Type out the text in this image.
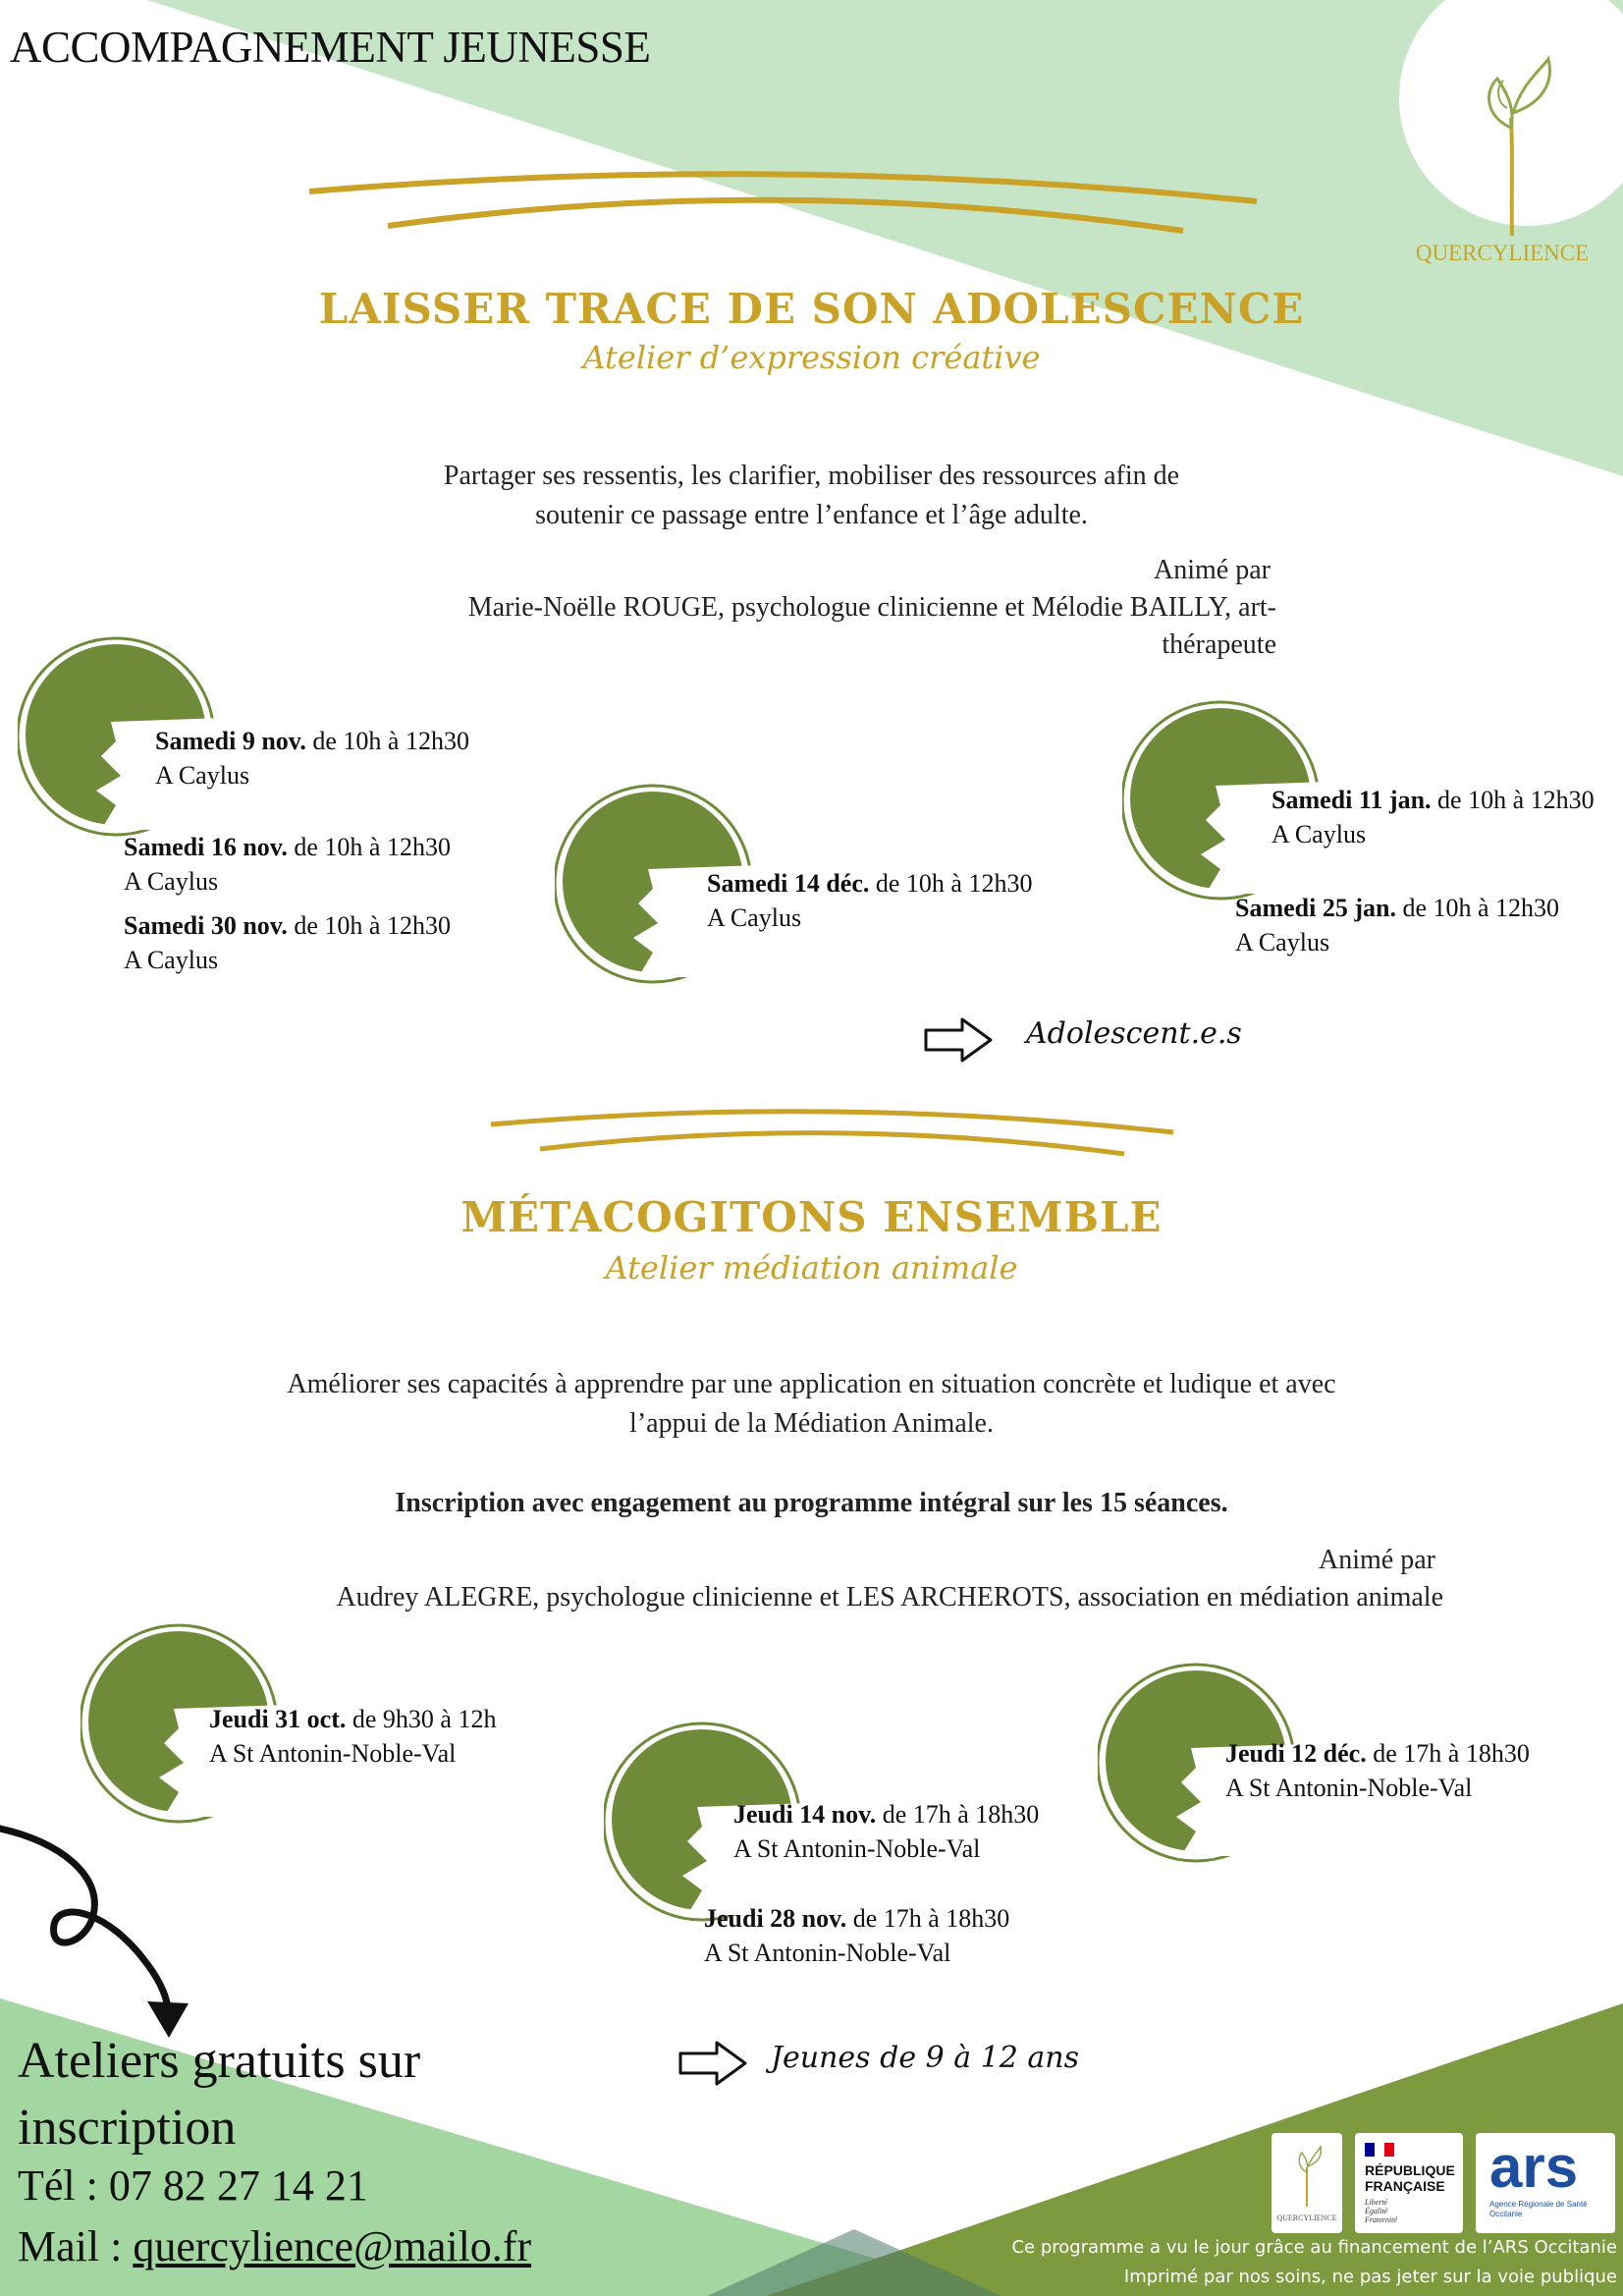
ACCOMPAGNEMENT JEUNESSE
QUERCYLIENCE
LAISSER TRACE DE SON ADOLESCENCE
Atelier d’expression créative
Partager ses ressentis, les clarifier, mobiliser des ressources afin de
soutenir ce passage entre l’enfance et l’âge adulte.
Animé par
Marie-Noëlle ROUGE, psychologue clinicienne et Mélodie BAILLY, art-
thérapeute
Samedi 9 nov. de 10h à 12h30
A Caylus
Samedi 16 nov. de 10h à 12h30
A Caylus
Samedi 30 nov. de 10h à 12h30
A Caylus
Samedi 14 déc. de 10h à 12h30
A Caylus
Samedi 11 jan. de 10h à 12h30
A Caylus
Samedi 25 jan. de 10h à 12h30
A Caylus
Adolescent.e.s
MÉTACOGITONS ENSEMBLE
Atelier médiation animale
Améliorer ses capacités à apprendre par une application en situation concrète et ludique et avec
l’appui de la Médiation Animale.
Inscription avec engagement au programme intégral sur les 15 séances.
Animé par
Audrey ALEGRE, psychologue clinicienne et LES ARCHEROTS, association en médiation animale
Jeudi 31 oct. de 9h30 à 12h
A St Antonin-Noble-Val
Jeudi 14 nov. de 17h à 18h30
A St Antonin-Noble-Val
Jeudi 28 nov. de 17h à 18h30
A St Antonin-Noble-Val
Jeudi 12 déc. de 17h à 18h30
A St Antonin-Noble-Val
Jeunes de 9 à 12 ans
Ateliers gratuits sur
inscription
Tél : 07 82 27 14 21
Mail : quercylience@mailo.fr
QUERCYLIENCE
RÉPUBLIQUE
FRANÇAISE
Liberté
Égalité
Fraternité
ars
Agence Régionale de Santé
Occitanie
Ce programme a vu le jour grâce au financement de l’ARS Occitanie
Imprimé par nos soins, ne pas jeter sur la voie publique
